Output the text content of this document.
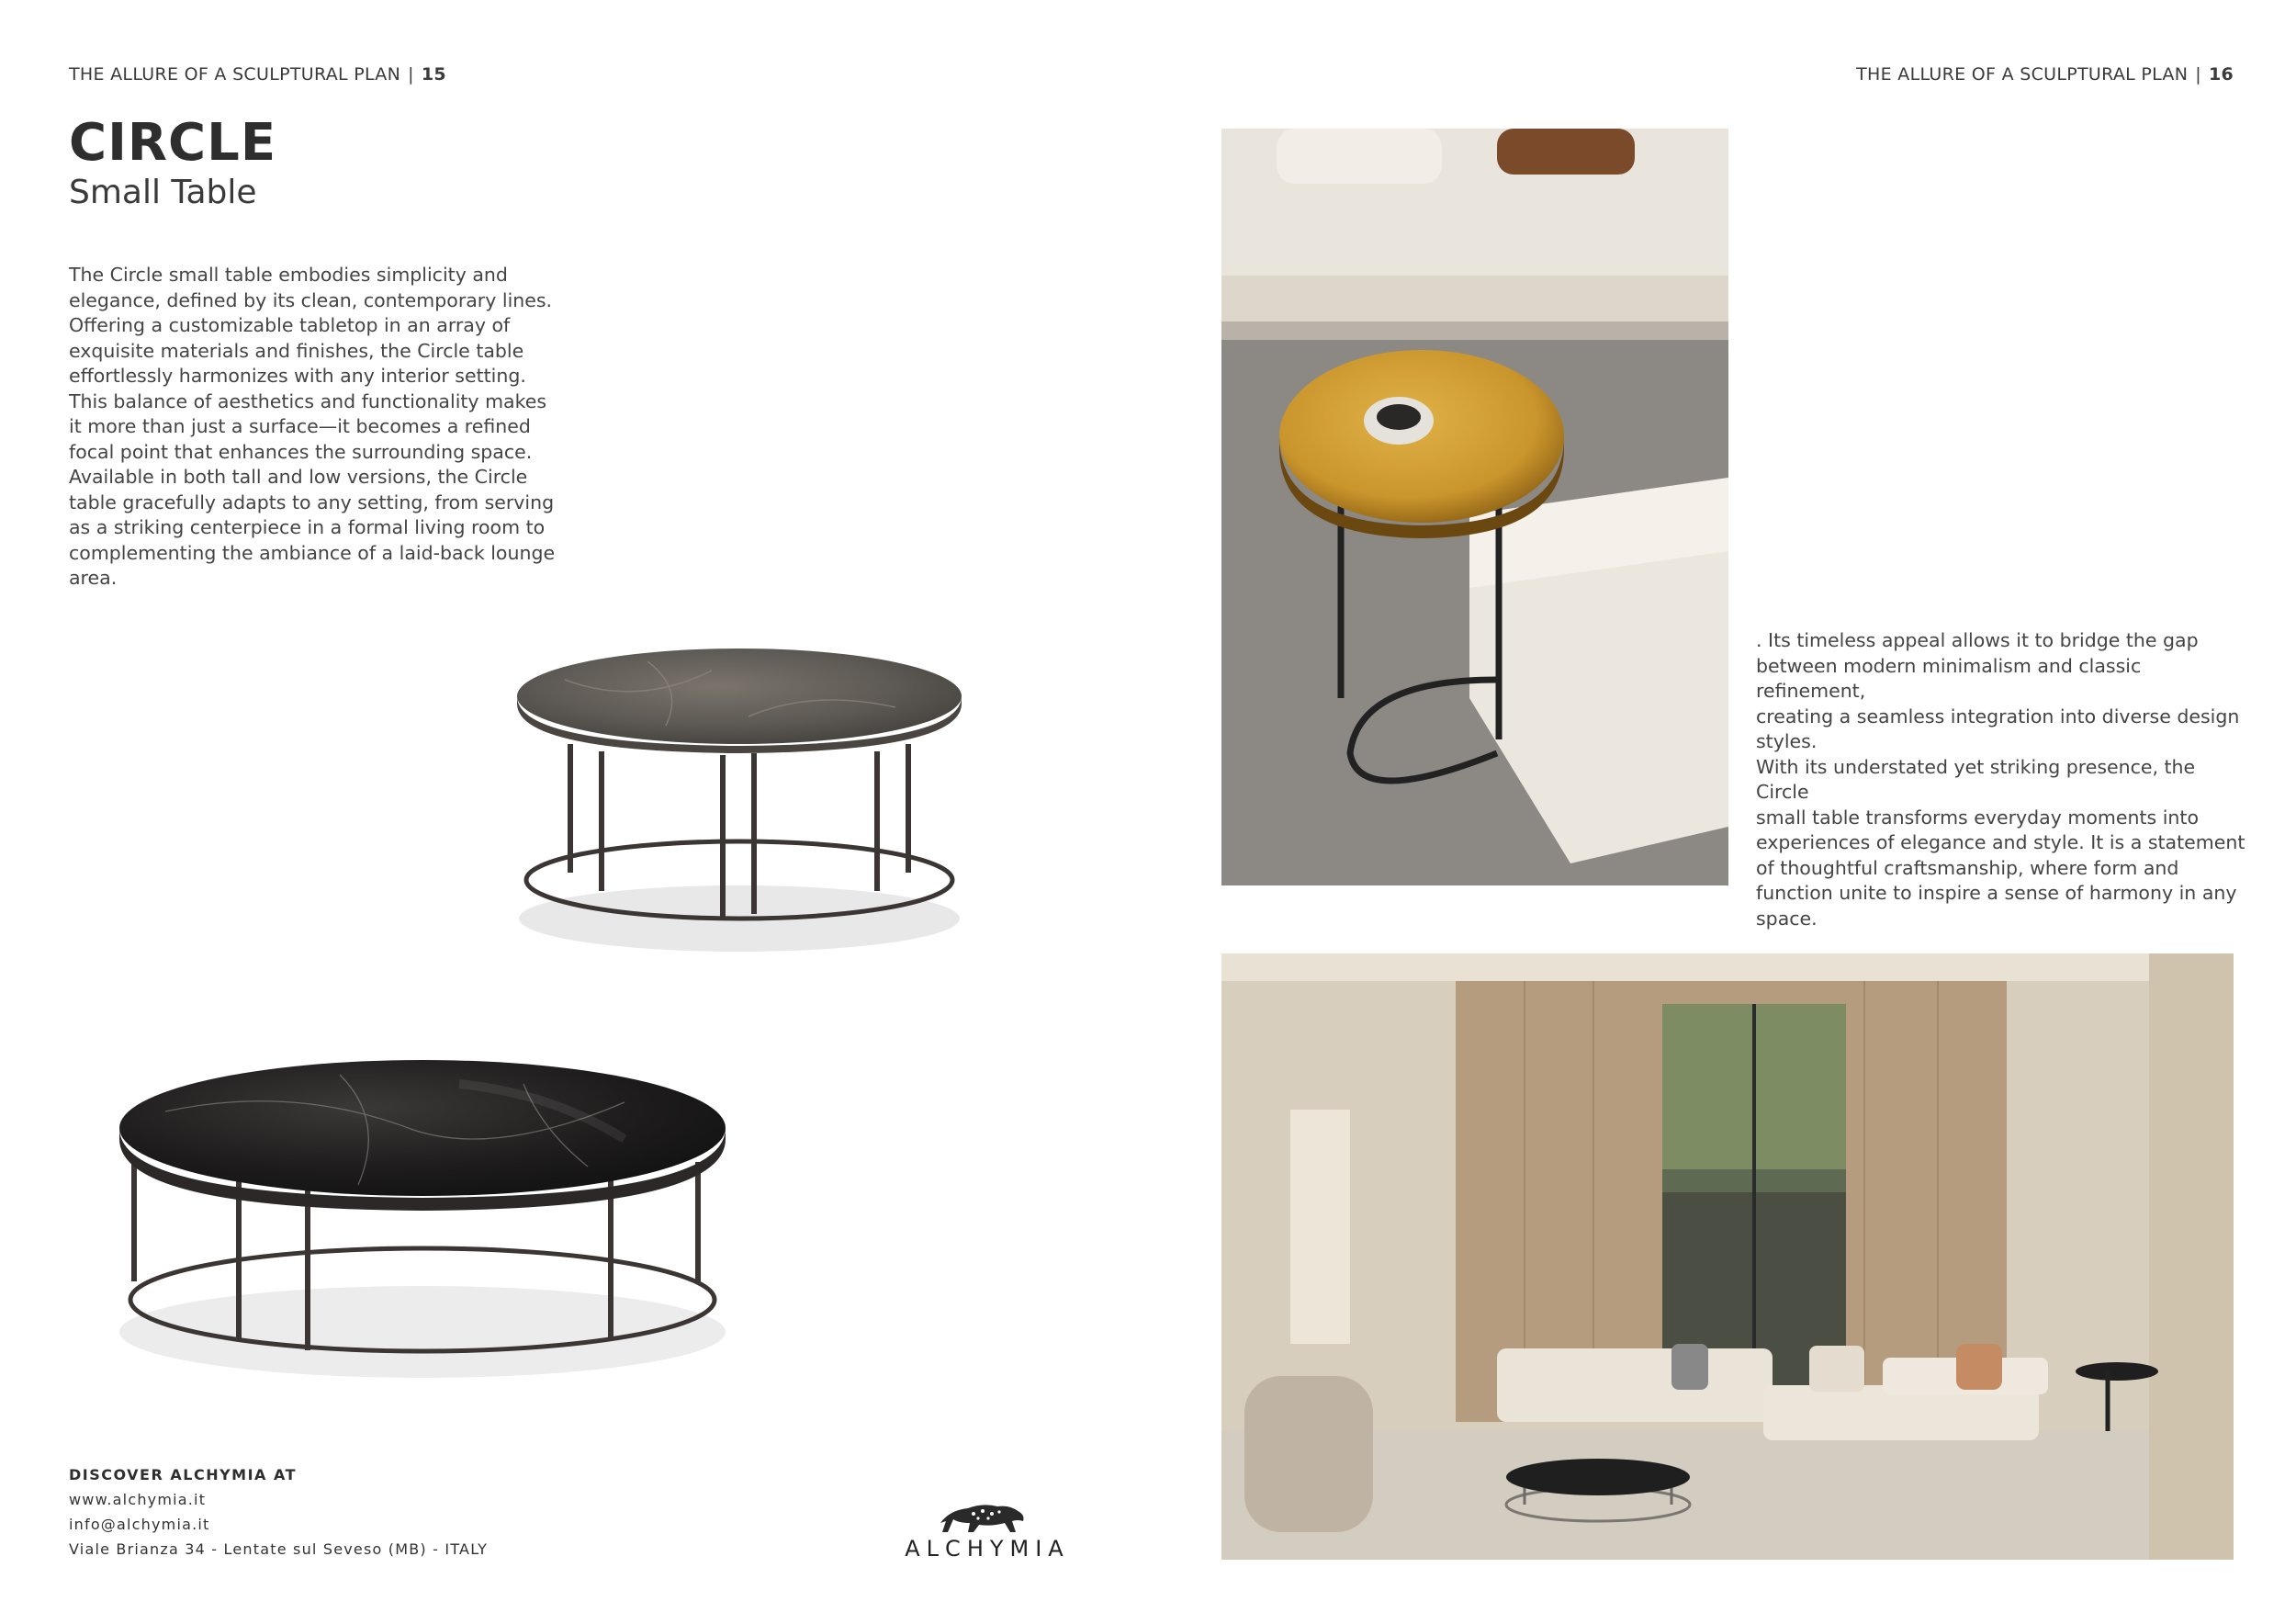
THE ALLURE OF A SCULPTURAL PLAN | 15	THE ALLURE OF A SCULPTURAL PLAN | 16
CIRCLE
Small Table
The Circle small table embodies simplicity and
elegance, defined by its clean, contemporary lines.
Offering a customizable tabletop in an array of
exquisite materials and finishes, the Circle table
effortlessly harmonizes with any interior setting.
This balance of aesthetics and functionality makes
it more than just a surface—it becomes a refined
focal point that enhances the surrounding space.
Available in both tall and low versions, the Circle
table gracefully adapts to any setting, from serving
as a striking centerpiece in a formal living room to
complementing the ambiance of a laid-back lounge
area.
. Its timeless appeal allows it to bridge the gap
between modern minimalism and classic refinement,
creating a seamless integration into diverse design
styles.
With its understated yet striking presence, the Circle
small table transforms everyday moments into
experiences of elegance and style. It is a statement
of thoughtful craftsmanship, where form and
function unite to inspire a sense of harmony in any
space.
DISCOVER ALCHYMIA AT
www.alchymia.it
info@alchymia.it
Viale Brianza 34 - Lentate sul Seveso (MB) - ITALY	ALCHYMIA
